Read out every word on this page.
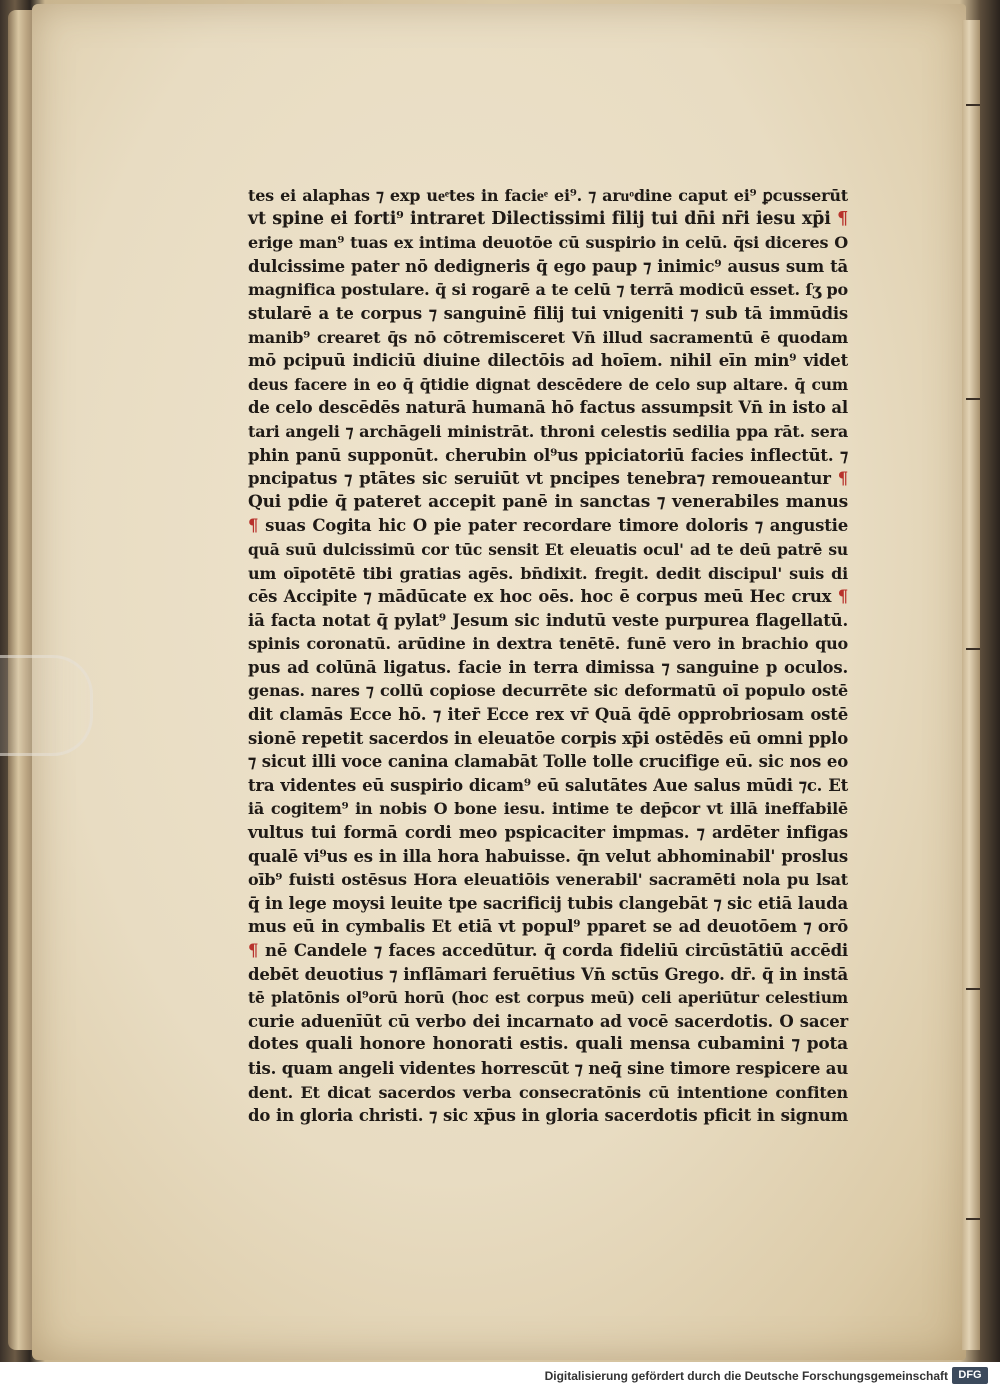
tes ei alaphas ⁊ exp ueͤtes in facieͤ ei⁹. ⁊ aruͦdine caput ei⁹ ꝑcusserūt
vt spine ei forti⁹ intraret Dilectissimi filij tui dn̄i nr̄i iesu xp̄i ¶
erige man⁹ tuas ex intima deuotōe cū suspirio in celū. q̄si diceres O
dulcissime pater nō dedigneris q̄ ego paup ⁊ inimic⁹ ausus sum tā
magnifica postulare. q̄ si rogarē a te celū ⁊ terrā modicū esset. ſʒ po
stularē a te corpus ⁊ sanguinē filij tui vnigeniti ⁊ sub tā immūdis
manib⁹ crearet q̄s nō cōtremisceret Vn̄ illud sacramentū ē quodam
mō pcipuū indiciū diuine dilectōis ad hoīem. nihil eīn min⁹ videt
deus facere in eo q̄ q̄tidie dignat descēdere de celo sup altare. q̄ cum
de celo descēdēs naturā humanā hō factus assumpsit Vn̄ in isto al
tari angeli ⁊ archāgeli ministrāt. throni celestis sedilia ppa rāt. sera
phin panū supponūt. cherubin ol⁹us ppiciatoriū facies inflectūt. ⁊
pncipatus ⁊ ptātes sic seruiūt vt pncipes tenebra⁊ remoueantur ¶
Qui pdie q̄ pateret accepit panē in sanctas ⁊ venerabiles manus
¶ suas Cogita hic O pie pater recordare timore doloris ⁊ angustie
quā suū dulcissimū cor tūc sensit Et eleuatis ocul' ad te deū patrē su
um oīpotētē tibi gratias agēs. bn̄dixit. fregit. dedit discipul' suis di
cēs Accipite ⁊ mādūcate ex hoc oēs. hoc ē corpus meū Hec crux ¶
iā facta notat q̄ pylat⁹ Jesum sic indutū veste purpurea flagellatū.
spinis coronatū. arūdine in dextra tenētē. funē vero in brachio quo
pus ad colūnā ligatus. facie in terra dimissa ⁊ sanguine p oculos.
genas. nares ⁊ collū copiose decurrēte sic deformatū oī populo ostē
dit clamās Ecce hō. ⁊ iter̄ Ecce rex vr̄ Quā q̄dē opprobriosam ostē
sionē repetit sacerdos in eleuatōe corpis xp̄i ostēdēs eū omni pplo
⁊ sicut illi voce canina clamabāt Tolle tolle crucifige eū. sic nos eo
tra videntes eū suspirio dicam⁹ eū salutātes Aue salus mūdi ⁊c. Et
iā cogitem⁹ in nobis O bone iesu. intime te dep̄cor vt illā ineffabilē
vultus tui formā cordi meo pspicaciter impmas. ⁊ ardēter infigas
qualē vi⁹us es in illa hora habuisse. q̄n velut abhominabil' proslus
oīb⁹ fuisti ostēsus Hora eleuatiōis venerabil' sacramēti nola pu lsat
q̄ in lege moysi leuite tpe sacrificij tubis clangebāt ⁊ sic etiā lauda
mus eū in cymbalis Et etiā vt popul⁹ pparet se ad deuotōem ⁊ orō
¶ nē Candele ⁊ faces accedūtur. q̄ corda fideliū circūstātiū accēdi
debēt deuotius ⁊ inflāmari feruētius Vn̄ sctūs Grego. dr̄. q̄ in instā
tē platōnis ol⁹orū horū (hoc est corpus meū) celi aperiūtur celestium
curie aduenīūt cū verbo dei incarnato ad vocē sacerdotis. O sacer
dotes quali honore honorati estis. quali mensa cubamini ⁊ pota
tis. quam angeli videntes horrescūt ⁊ neq̄ sine timore respicere au
dent. Et dicat sacerdos verba consecratōnis cū intentione confiten
do in gloria christi. ⁊ sic xp̄us in gloria sacerdotis pficit in signum
Digitalisierung gefördert durch die Deutsche Forschungsgemeinschaft DFG
